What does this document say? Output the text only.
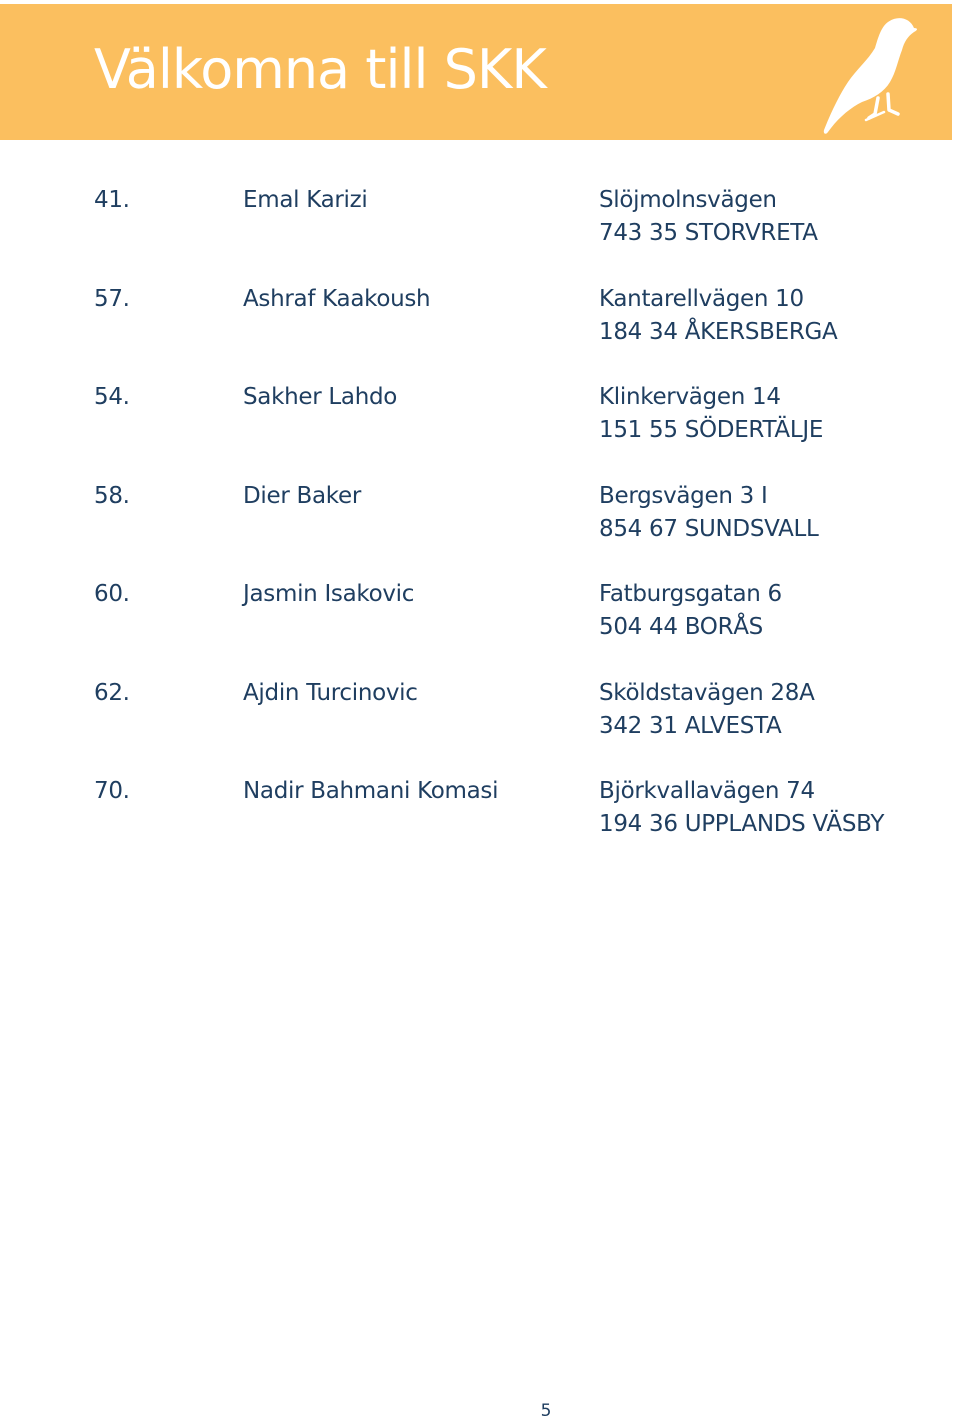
Välkomna till SKK
41.	Emal Karizi	Slöjmolnsvägen
743 35 STORVRETA
57.	Ashraf Kaakoush	Kantarellvägen 10
184 34 ÅKERSBERGA
54.	Sakher Lahdo	Klinkervägen 14
151 55 SÖDERTÄLJE
58.	Dier Baker	Bergsvägen 3 I
854 67 SUNDSVALL
60.	Jasmin Isakovic	Fatburgsgatan 6
504 44 BORÅS
62.	Ajdin Turcinovic	Sköldstavägen 28A
342 31 ALVESTA
70.	Nadir Bahmani Komasi	Björkvallavägen 74
194 36 UPPLANDS VÄSBY
5
